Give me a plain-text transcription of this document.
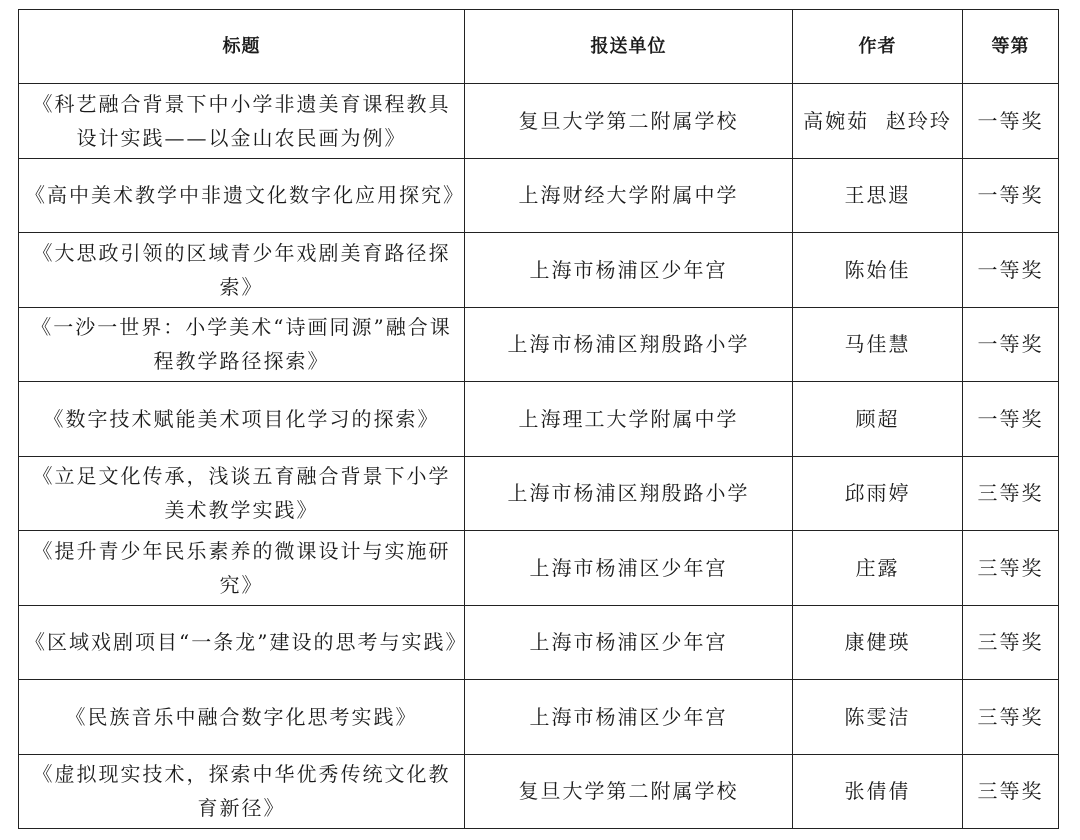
标题	报送单位	作者	等第
《科艺融合背景下中小学非遗美育课程教具设计实践——以金山农民画为例》	复旦大学第二附属学校	高婉茹  赵玲玲	一等奖
《高中美术教学中非遗文化数字化应用探究》	上海财经大学附属中学	王思遐	一等奖
《大思政引领的区域青少年戏剧美育路径探索》	上海市杨浦区少年宫	陈始佳	一等奖
《一沙一世界：小学美术“诗画同源”融合课程教学路径探索》	上海市杨浦区翔殷路小学	马佳慧	一等奖
《数字技术赋能美术项目化学习的探索》	上海理工大学附属中学	顾超	一等奖
《立足文化传承，浅谈五育融合背景下小学美术教学实践》	上海市杨浦区翔殷路小学	邱雨婷	三等奖
《提升青少年民乐素养的微课设计与实施研究》	上海市杨浦区少年宫	庄露	三等奖
《区域戏剧项目“一条龙”建设的思考与实践》	上海市杨浦区少年宫	康健瑛	三等奖
《民族音乐中融合数字化思考实践》	上海市杨浦区少年宫	陈雯洁	三等奖
《虚拟现实技术，探索中华优秀传统文化教育新径》	复旦大学第二附属学校	张倩倩	三等奖
